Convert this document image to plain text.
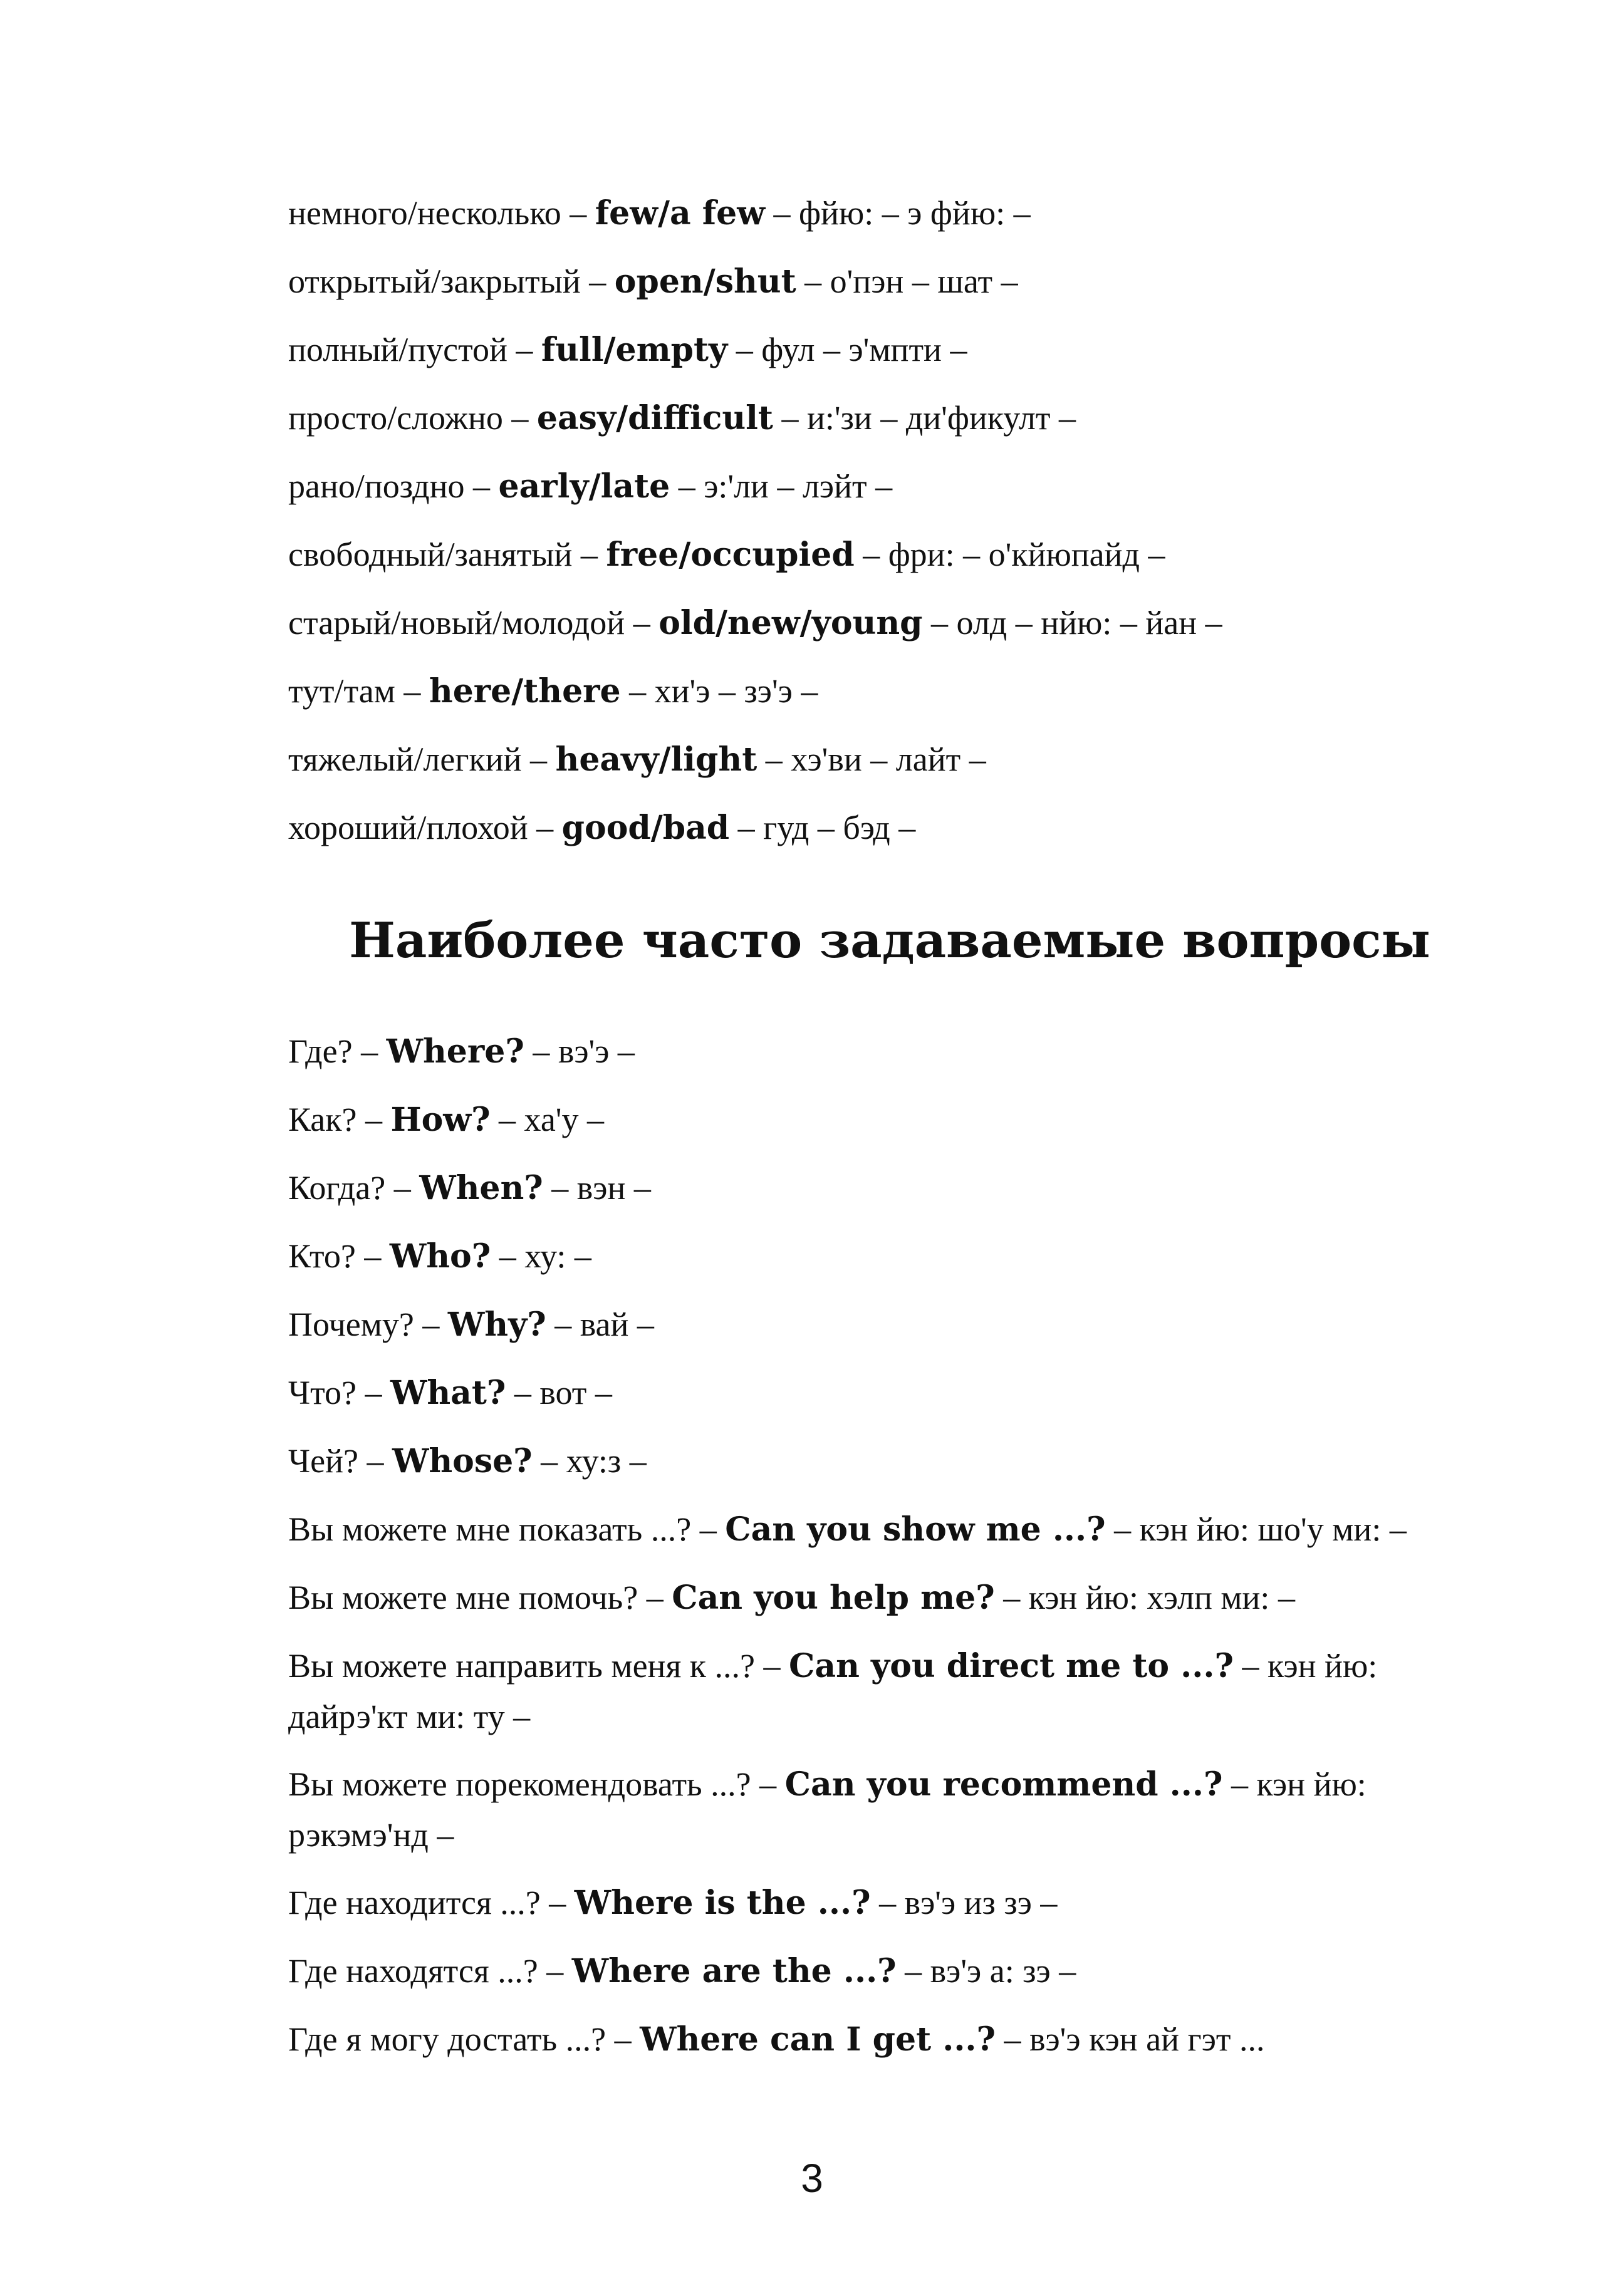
немного/несколько – few/a few – фйю: – э фйю: –

открытый/закрытый – open/shut – о'пэн – шат –

полный/пустой – full/empty – фул – э'мпти –

просто/сложно – easy/difficult – и:'зи – ди'фикулт –

рано/поздно – early/late – э:'ли – лэйт –

свободный/занятый – free/occupied – фри: – о'кйюпайд –

старый/новый/молодой – old/new/young – олд – нйю: – йан –

тут/там – here/there – хи'э – зэ'э –

тяжелый/легкий – heavy/light – хэ'ви – лайт –

хороший/плохой – good/bad – гуд – бэд –

Наиболее часто задаваемые вопросы

Где? – Where? – вэ'э –

Как? – How? – ха'у –

Когда? – When? – вэн –

Кто? – Who? – ху: –

Почему? – Why? – вай –

Что? – What? – вот –

Чей? – Whose? – ху:з –

Вы можете мне показать ...? – Can you show me ...? – кэн йю: шо'у ми: –

Вы можете мне помочь? – Can you help me? – кэн йю: хэлп ми: –

Вы можете направить меня к ...? – Can you direct me to ...? – кэн йю: дайрэ'кт ми: ту –

Вы можете порекомендовать ...? – Can you recommend ...? – кэн йю: рэкэмэ'нд –

Где находится ...? – Where is the ...? – вэ'э из зэ –

Где находятся ...? – Where are the ...? – вэ'э а: зэ –

Где я могу достать ...? – Where can I get ...? – вэ'э кэн ай гэт ...

3
